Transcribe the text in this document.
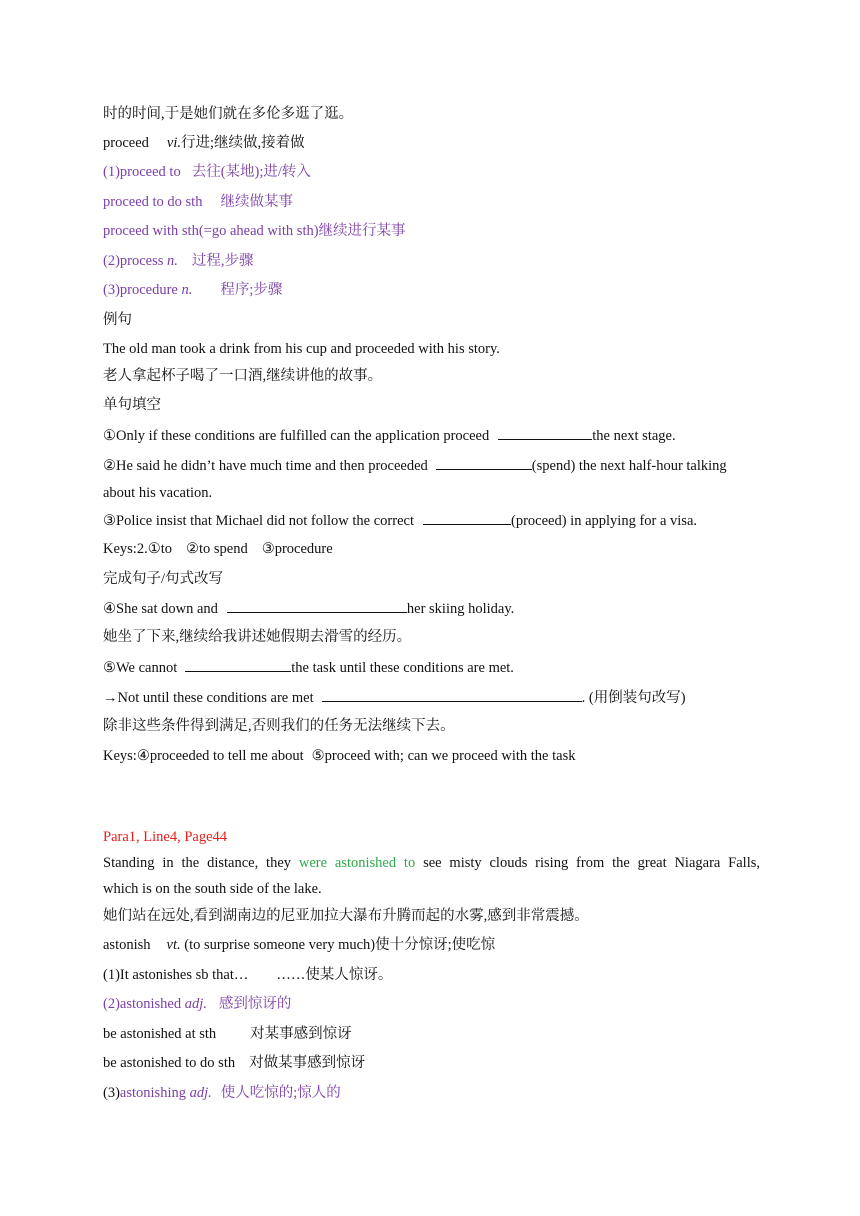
时的时间,于是她们就在多伦多逛了逛。
proceed vi.行进;继续做,接着做
(1)proceed to 去往(某地);进/转入
proceed to do sth 继续做某事
proceed with sth(=go ahead with sth)继续进行某事
(2)process n. 过程,步骤
(3)procedure n. 程序;步骤
例句
The old man took a drink from his cup and proceeded with his story.
老人拿起杯子喝了一口酒,继续讲他的故事。
单句填空
①Only if these conditions are fulfilled can the application proceed	the next stage.
②He said he didn’t have much time and then proceeded	(spend) the next half-hour talking
about his vacation.
③Police insist that Michael did not follow the correct	(proceed) in applying for a visa.
Keys:2.①to ②to spend ③procedure
完成句子/句式改写
④She sat down and	her skiing holiday.
她坐了下来,继续给我讲述她假期去滑雪的经历。
⑤We cannot	the task until these conditions are met.
→Not until these conditions are met	. (用倒装句改写)
除非这些条件得到满足,否则我们的任务无法继续下去。
Keys:④proceeded to tell me about ⑤proceed with; can we proceed with the task
Para1, Line4, Page44
Standing in the distance, they were astonished to see misty clouds rising from the great Niagara Falls,
which is on the south side of the lake.
她们站在远处,看到湖南边的尼亚加拉大瀑布升腾而起的水雾,感到非常震撼。
astonish vt. (to surprise someone very much)使十分惊讶;使吃惊
(1)It astonishes sb that… ……使某人惊讶。
(2)astonished adj. 感到惊讶的
be astonished at sth 对某事感到惊讶
be astonished to do sth 对做某事感到惊讶
(3)astonishing adj. 使人吃惊的;惊人的
